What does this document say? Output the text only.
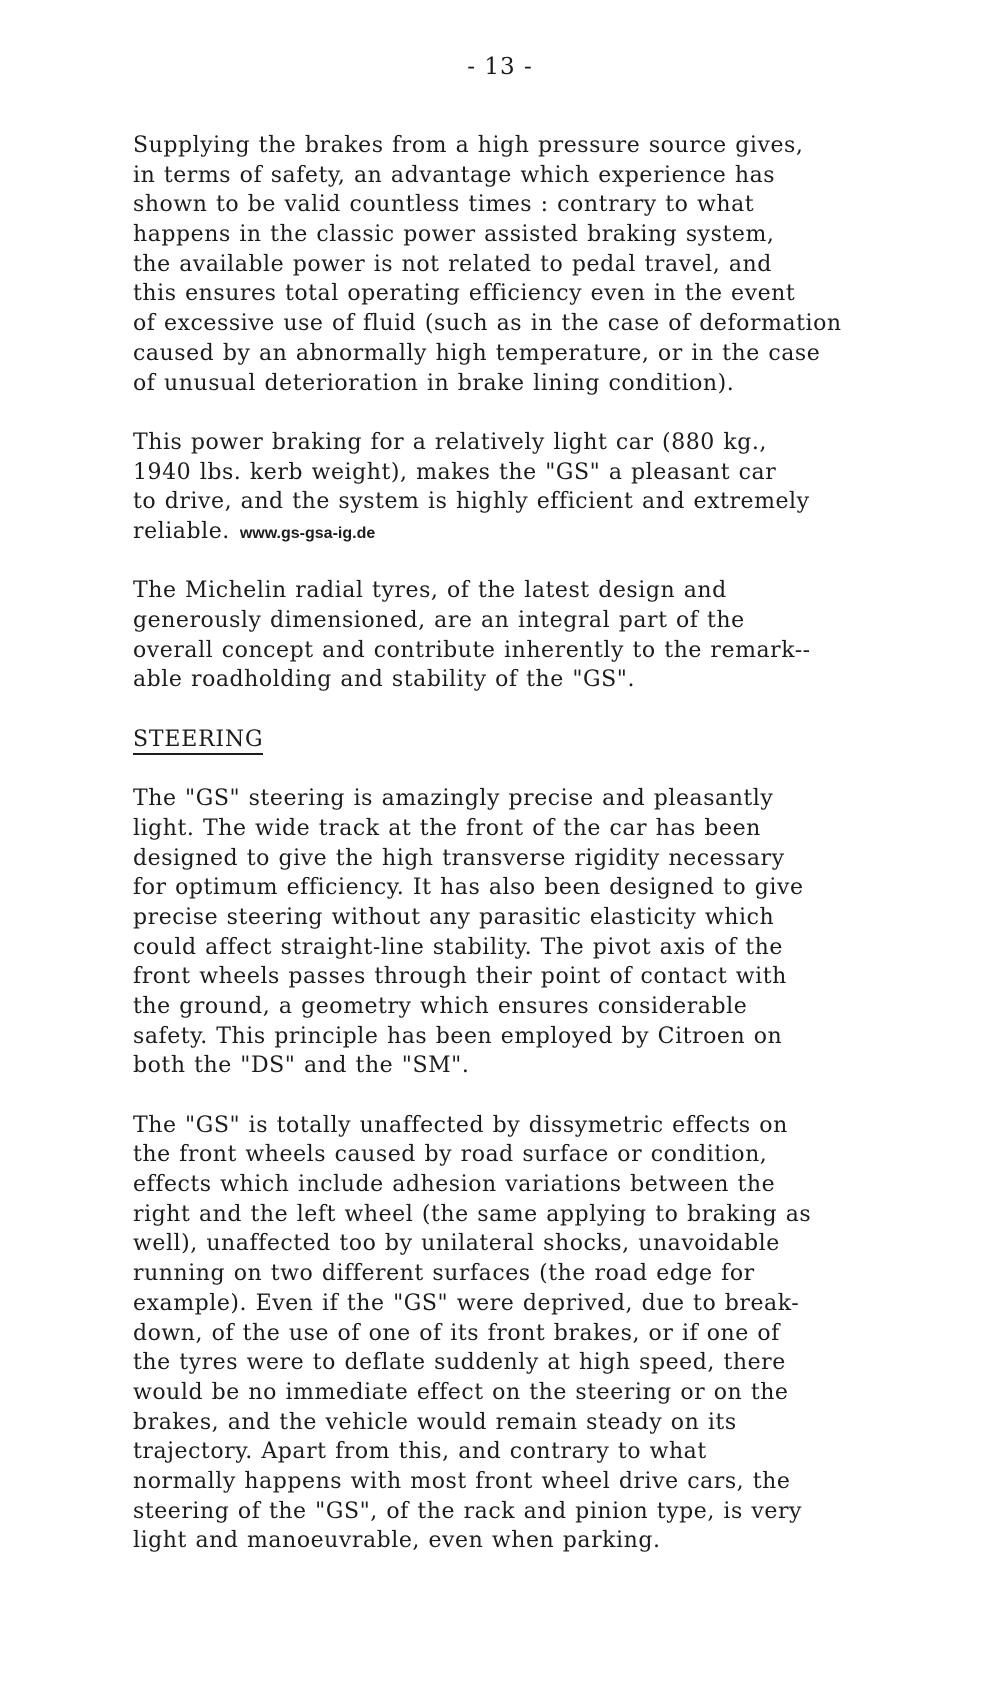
- 13 -
Supplying the brakes from a high pressure source gives,
in terms of safety, an advantage which experience has
shown to be valid countless times : contrary to what
happens in the classic power assisted braking system,
the available power is not related to pedal travel, and
this ensures total operating efficiency even in the event
of excessive use of fluid (such as in the case of deformation
caused by an abnormally high temperature, or in the case
of unusual deterioration in brake lining condition).
This power braking for a relatively light car (880 kg.,
1940 lbs. kerb weight), makes the "GS" a pleasant car
to drive, and the system is highly efficient and extremely
reliable. www.gs-gsa-ig.de
The Michelin radial tyres, of the latest design and
generously dimensioned, are an integral part of the
overall concept and contribute inherently to the remark--
able roadholding and stability of the "GS".
STEERING
The "GS" steering is amazingly precise and pleasantly
light. The wide track at the front of the car has been
designed to give the high transverse rigidity necessary
for optimum efficiency. It has also been designed to give
precise steering without any parasitic elasticity which
could affect straight-line stability. The pivot axis of the
front wheels passes through their point of contact with
the ground, a geometry which ensures considerable
safety. This principle has been employed by Citroen on
both the "DS" and the "SM".
The "GS" is totally unaffected by dissymetric effects on
the front wheels caused by road surface or condition,
effects which include adhesion variations between the
right and the left wheel (the same applying to braking as
well), unaffected too by unilateral shocks, unavoidable
running on two different surfaces (the road edge for
example). Even if the "GS" were deprived, due to break-
down, of the use of one of its front brakes, or if one of
the tyres were to deflate suddenly at high speed, there
would be no immediate effect on the steering or on the
brakes, and the vehicle would remain steady on its
trajectory. Apart from this, and contrary to what
normally happens with most front wheel drive cars, the
steering of the "GS", of the rack and pinion type, is very
light and manoeuvrable, even when parking.
